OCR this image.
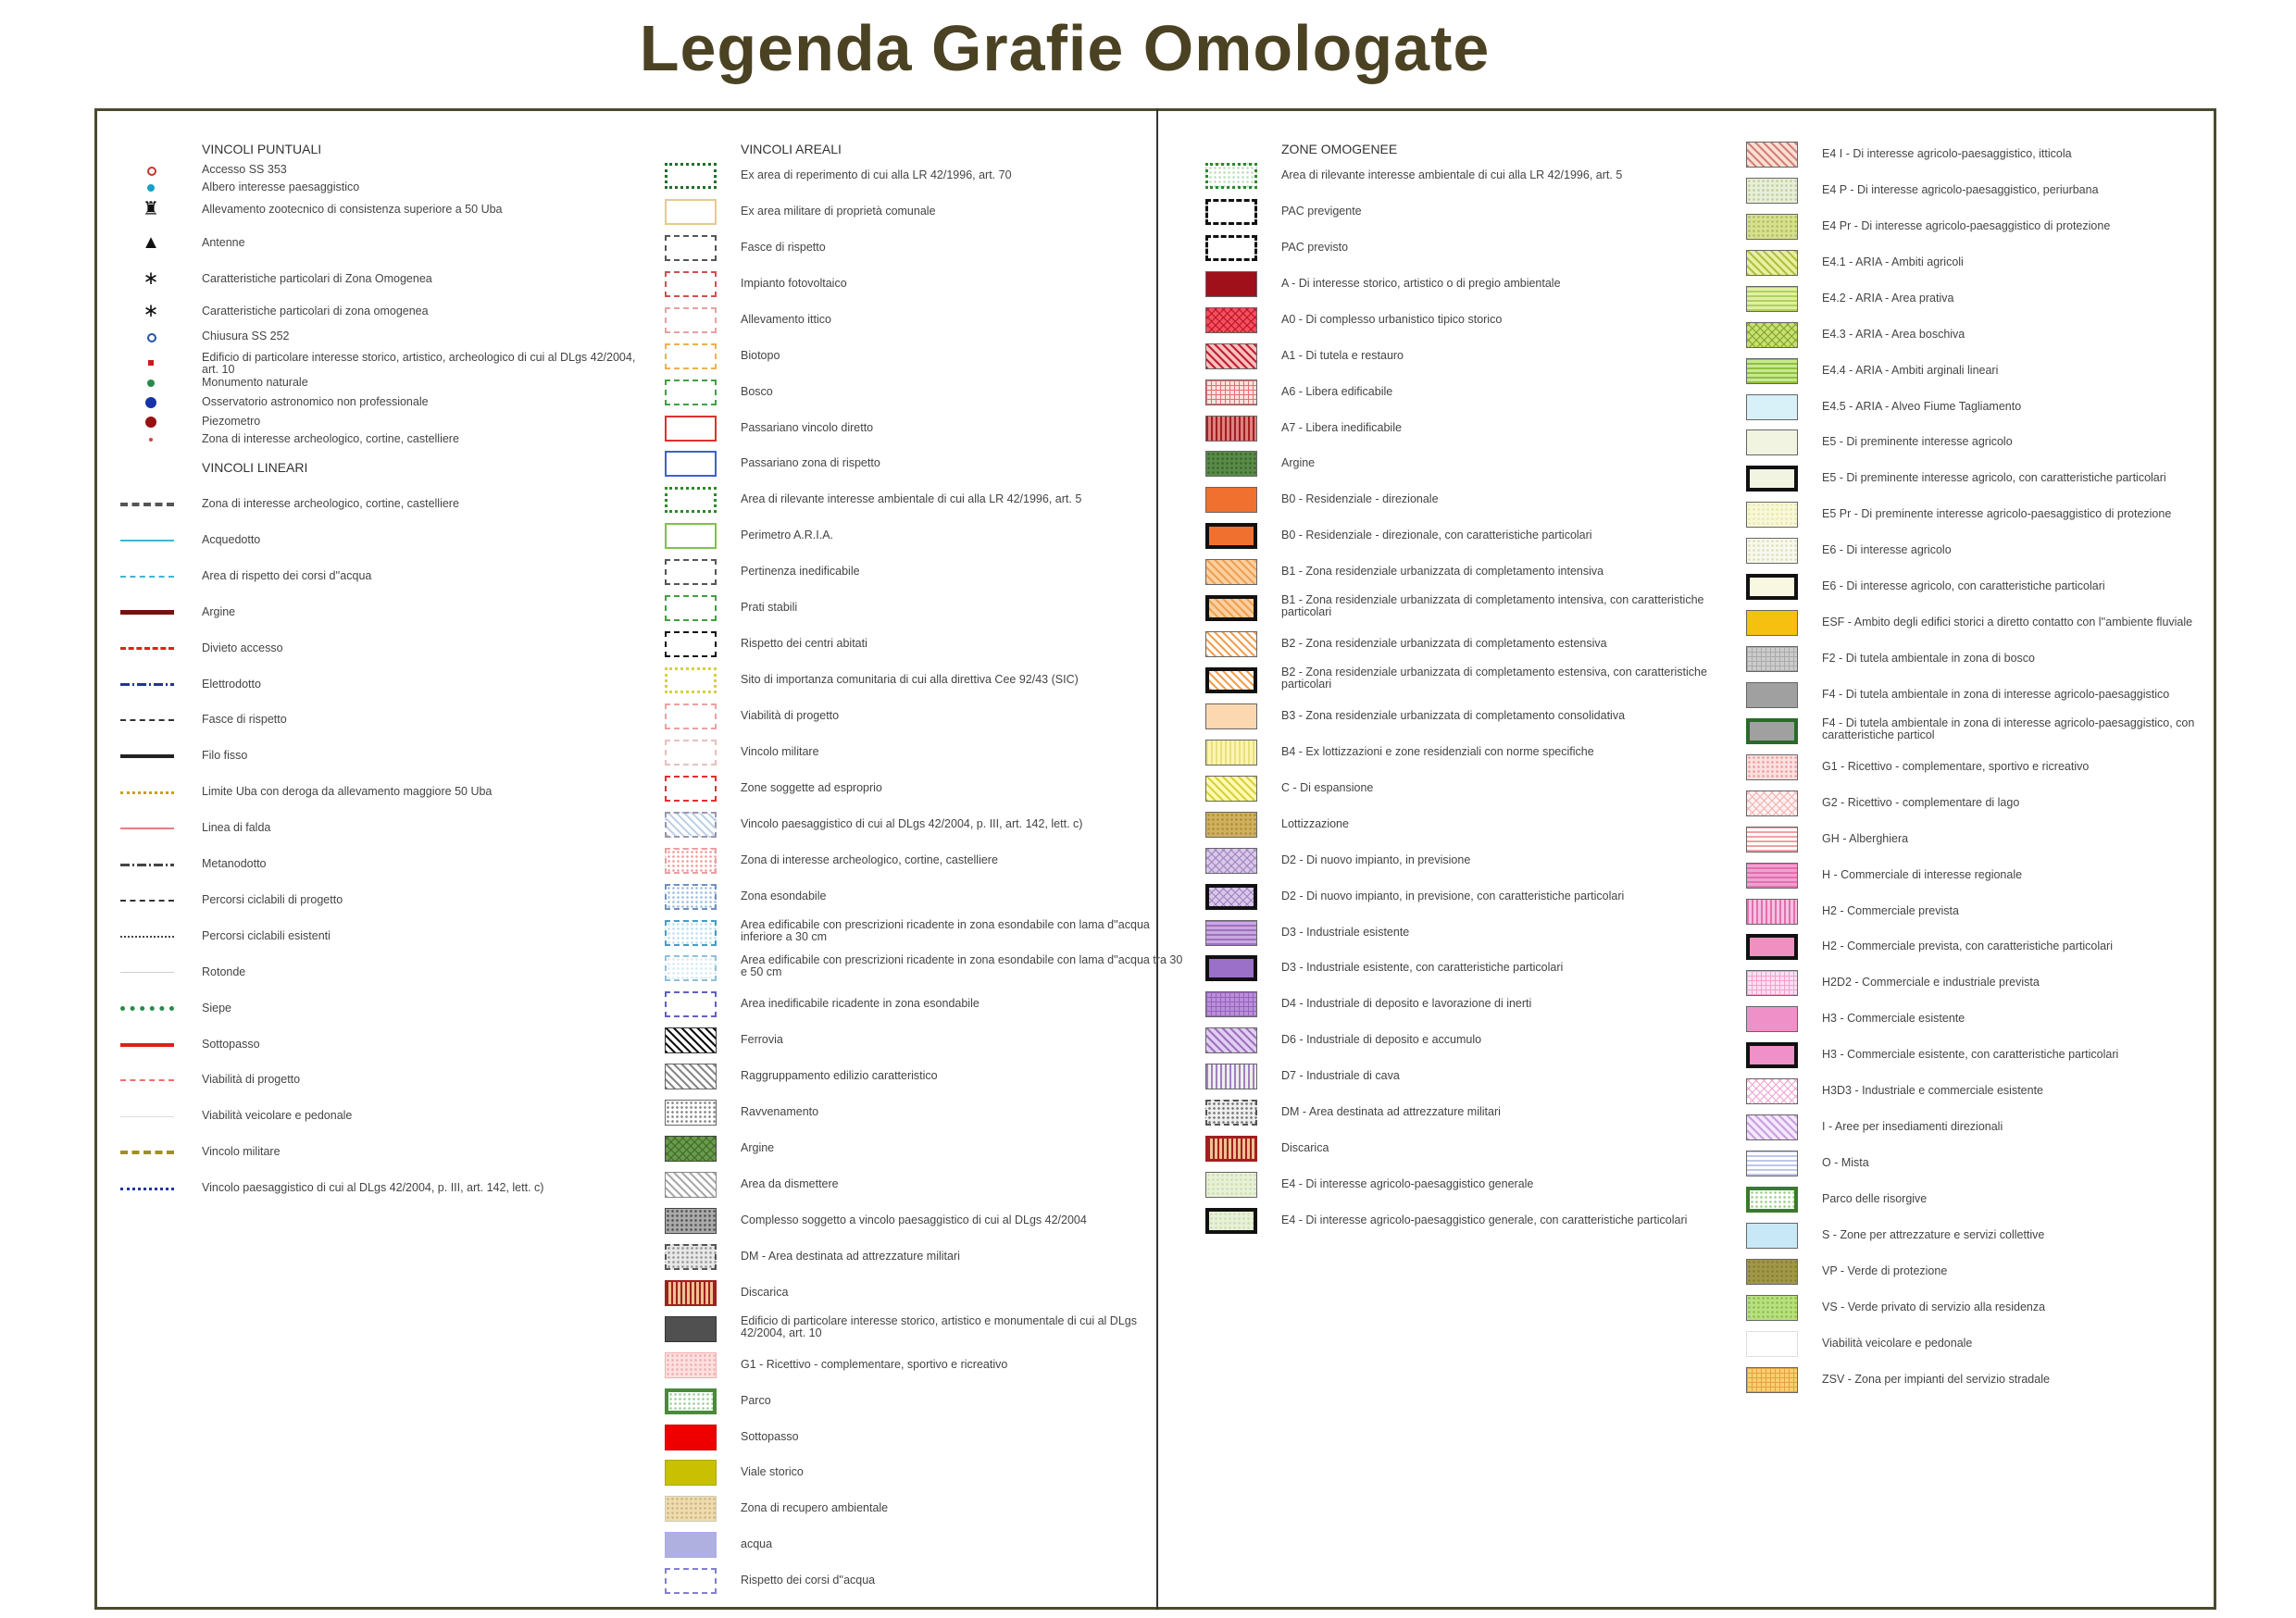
Legenda Grafie Omologate
VINCOLI PUNTUALI
Accesso SS 353
Albero interesse paesaggistico
♜	Allevamento zootecnico di consistenza superiore a 50 Uba
▲	Antenne
∗	Caratteristiche particolari di Zona Omogenea
∗	Caratteristiche particolari di zona omogenea
Chiusura SS 252
Edificio di particolare interesse storico, artistico, archeologico di cui al DLgs 42/2004, art. 10
Monumento naturale
Osservatorio astronomico non professionale
Piezometro
Zona di interesse archeologico, cortine, castelliere
VINCOLI LINEARI
Zona di interesse archeologico, cortine, castelliere
Acquedotto
Area di rispetto dei corsi d''acqua
Argine
Divieto accesso
Elettrodotto
Fasce di rispetto
Filo fisso
Limite Uba con deroga da allevamento maggiore 50 Uba
Linea di falda
Metanodotto
Percorsi ciclabili di progetto
Percorsi ciclabili esistenti
Rotonde
Siepe
Sottopasso
Viabilità di progetto
Viabilità veicolare e pedonale
Vincolo militare
Vincolo paesaggistico di cui al DLgs 42/2004, p. III, art. 142, lett. c)
VINCOLI AREALI
Ex area di reperimento di cui alla LR 42/1996, art. 70
Ex area militare di proprietà comunale
Fasce di rispetto
Impianto fotovoltaico
Allevamento ittico
Biotopo
Bosco
Passariano vincolo diretto
Passariano zona di rispetto
Area di rilevante interesse ambientale di cui alla LR 42/1996, art. 5
Perimetro A.R.I.A.
Pertinenza inedificabile
Prati stabili
Rispetto dei centri abitati
Sito di importanza comunitaria di cui alla direttiva Cee 92/43 (SIC)
Viabilità di progetto
Vincolo militare
Zone soggette ad esproprio
Vincolo paesaggistico di cui al DLgs 42/2004, p. III, art. 142, lett. c)
Zona di interesse archeologico, cortine, castelliere
Zona esondabile
Area edificabile con prescrizioni ricadente in zona esondabile con lama d''acqua inferiore a 30 cm
Area edificabile con prescrizioni ricadente in zona esondabile con lama d''acqua tra 30 e 50 cm
Area inedificabile ricadente in zona esondabile
Ferrovia
Raggruppamento edilizio caratteristico
Ravvenamento
Argine
Area da dismettere
Complesso soggetto a vincolo paesaggistico di cui al DLgs 42/2004
DM - Area destinata ad attrezzature militari
Discarica
Edificio di particolare interesse storico, artistico e monumentale di cui al DLgs 42/2004, art. 10
G1 - Ricettivo - complementare, sportivo e ricreativo
Parco
Sottopasso
Viale storico
Zona di recupero ambientale
acqua
Rispetto dei corsi d''acqua
ZONE OMOGENEE
Area di rilevante interesse ambientale di cui alla LR 42/1996, art. 5
PAC previgente
PAC previsto
A - Di interesse storico, artistico o di pregio ambientale
A0 - Di complesso urbanistico tipico storico
A1 - Di tutela e restauro
A6 - Libera edificabile
A7 - Libera inedificabile
Argine
B0 - Residenziale - direzionale
B0 - Residenziale - direzionale, con caratteristiche particolari
B1 - Zona residenziale urbanizzata di completamento intensiva
B1 - Zona residenziale urbanizzata di completamento intensiva, con caratteristiche particolari
B2 - Zona residenziale urbanizzata di completamento estensiva
B2 - Zona residenziale urbanizzata di completamento estensiva, con caratteristiche particolari
B3 - Zona residenziale urbanizzata di completamento consolidativa
B4 - Ex lottizzazioni e zone residenziali con norme specifiche
C - Di espansione
Lottizzazione
D2 - Di nuovo impianto, in previsione
D2 - Di nuovo impianto, in previsione, con caratteristiche particolari
D3 - Industriale esistente
D3 - Industriale esistente, con caratteristiche particolari
D4 - Industriale di deposito e lavorazione di inerti
D6 - Industriale di deposito e accumulo
D7 - Industriale di cava
DM - Area destinata ad attrezzature militari
Discarica
E4 - Di interesse agricolo-paesaggistico generale
E4 - Di interesse agricolo-paesaggistico generale, con caratteristiche particolari
E4 I - Di interesse agricolo-paesaggistico, itticola
E4 P - Di interesse agricolo-paesaggistico, periurbana
E4 Pr - Di interesse agricolo-paesaggistico di protezione
E4.1 - ARIA - Ambiti agricoli
E4.2 - ARIA - Area prativa
E4.3 - ARIA - Area boschiva
E4.4 - ARIA - Ambiti arginali lineari
E4.5 - ARIA - Alveo Fiume Tagliamento
E5 - Di preminente interesse agricolo
E5 - Di preminente interesse agricolo, con caratteristiche particolari
E5 Pr - Di preminente interesse agricolo-paesaggistico di protezione
E6 - Di interesse agricolo
E6 - Di interesse agricolo, con caratteristiche particolari
ESF - Ambito degli edifici storici a diretto contatto con l''ambiente fluviale
F2 - Di tutela ambientale in zona di bosco
F4 - Di tutela ambientale in zona di interesse agricolo-paesaggistico
F4 - Di tutela ambientale in zona di interesse agricolo-paesaggistico, con caratteristiche particol
G1 - Ricettivo - complementare, sportivo e ricreativo
G2 - Ricettivo - complementare di lago
GH - Alberghiera
H - Commerciale di interesse regionale
H2 - Commerciale prevista
H2 - Commerciale prevista, con caratteristiche particolari
H2D2 - Commerciale e industriale prevista
H3 - Commerciale esistente
H3 - Commerciale esistente, con caratteristiche particolari
H3D3 - Industriale e commerciale esistente
I - Aree per insediamenti direzionali
O - Mista
Parco delle risorgive
S - Zone per attrezzature e servizi collettive
VP - Verde di protezione
VS - Verde privato di servizio alla residenza
Viabilità veicolare e pedonale
ZSV - Zona per impianti del servizio stradale
